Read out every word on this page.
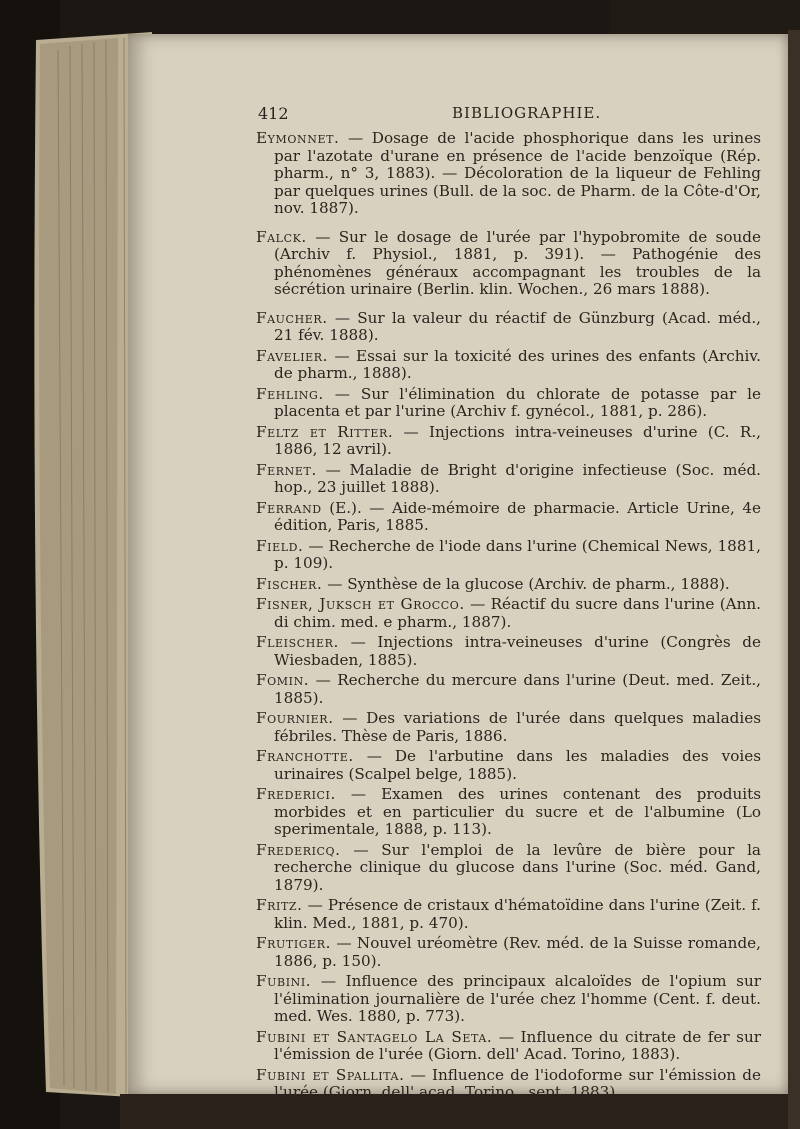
412	BIBLIOGRAPHIE.

Eymonnet. — Dosage de l'acide phosphorique dans les urines par l'azotate d'urane en présence de l'acide benzoïque (Rép. pharm., n° 3, 1883). — Décoloration de la liqueur de Fehling par quelques urines (Bull. de la soc. de Pharm. de la Côte-d'Or, nov. 1887).

Falck. — Sur le dosage de l'urée par l'hypobromite de soude (Archiv f. Physiol., 1881, p. 391). — Pathogénie des phénomènes généraux accompagnant les troubles de la sécrétion urinaire (Berlin. klin. Wochen., 26 mars 1888).

Faucher. — Sur la valeur du réactif de Günzburg (Acad. méd., 21 fév. 1888).

Favelier. — Essai sur la toxicité des urines des enfants (Archiv. de pharm., 1888).

Fehling. — Sur l'élimination du chlorate de potasse par le placenta et par l'urine (Archiv f. gynécol., 1881, p. 286).

Feltz et Ritter. — Injections intra-veineuses d'urine (C. R., 1886, 12 avril).

Fernet. — Maladie de Bright d'origine infectieuse (Soc. méd. hop., 23 juillet 1888).

Ferrand (E.). — Aide-mémoire de pharmacie. Article Urine, 4e édition, Paris, 1885.

Field. — Recherche de l'iode dans l'urine (Chemical News, 1881, p. 109).

Fischer. — Synthèse de la glucose (Archiv. de pharm., 1888).

Fisner, Juksch et Grocco. — Réactif du sucre dans l'urine (Ann. di chim. med. e pharm., 1887).

Fleischer. — Injections intra-veineuses d'urine (Congrès de Wiesbaden, 1885).

Fomin. — Recherche du mercure dans l'urine (Deut. med. Zeit., 1885).

Fournier. — Des variations de l'urée dans quelques maladies fébriles. Thèse de Paris, 1886.

Franchotte. — De l'arbutine dans les maladies des voies urinaires (Scalpel belge, 1885).

Frederici. — Examen des urines contenant des produits morbides et en particulier du sucre et de l'albumine (Lo sperimentale, 1888, p. 113).

Fredericq. — Sur l'emploi de la levûre de bière pour la recherche clinique du glucose dans l'urine (Soc. méd. Gand, 1879).

Fritz. — Présence de cristaux d'hématoïdine dans l'urine (Zeit. f. klin. Med., 1881, p. 470).

Frutiger. — Nouvel uréomètre (Rev. méd. de la Suisse romande, 1886, p. 150).

Fubini. — Influence des principaux alcaloïdes de l'opium sur l'élimination journalière de l'urée chez l'homme (Cent. f. deut. med. Wes. 1880, p. 773).

Fubini et Santagelo La Seta. — Influence du citrate de fer sur l'émission de l'urée (Giorn. dell' Acad. Torino, 1883).

Fubini et Spallita. — Influence de l'iodoforme sur l'émission de l'urée (Giorn. dell' acad. Torino., sept. 1883).
